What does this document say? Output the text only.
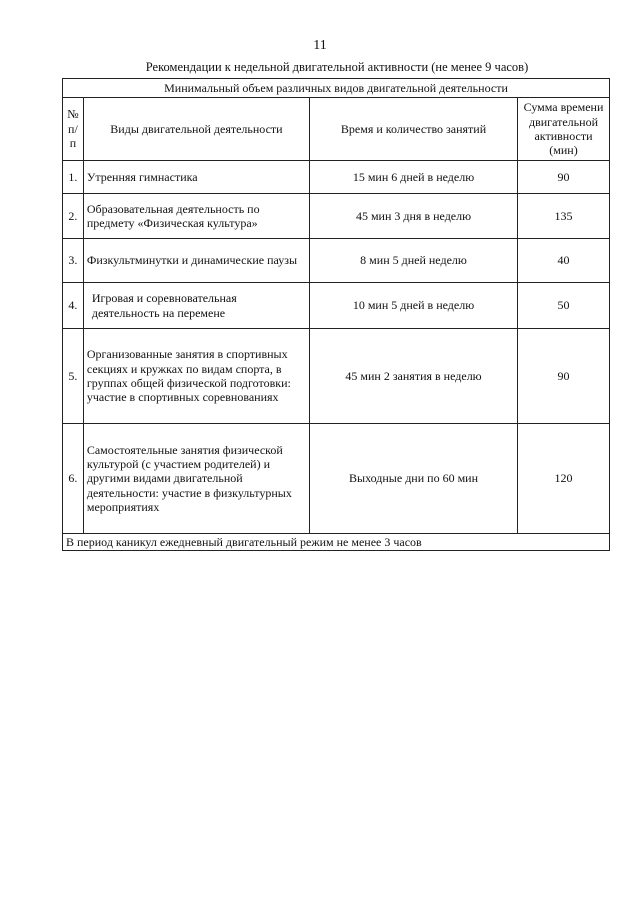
11
Рекомендации к недельной двигательной активности (не менее 9 часов)
Минимальный объем различных видов двигательной деятельности			
№ п/п	Виды двигательной деятельности	Время и количество занятий	Сумма времени двигательной активности (мин)
1.	Утренняя гимнастика	15 мин 6 дней в неделю	90
2.	Образовательная деятельность по предмету «Физическая культура»	45 мин 3 дня в неделю	135
3.	Физкультминутки и динамические паузы	8 мин 5 дней неделю	40
4.	Игровая и соревновательная деятельность на перемене	10 мин 5 дней в неделю	50
5.	Организованные занятия в спортивных секциях и кружках по видам спорта, в группах общей физической подготовки: участие в спортивных соревнованиях	45 мин 2 занятия в неделю	90
6.	Самостоятельные занятия физической культурой (с участием родителей) и другими видами двигательной деятельности: участие в физкультурных мероприятиях	Выходные дни по 60 мин	120
В период каникул ежедневный двигательный режим не менее 3 часов			
